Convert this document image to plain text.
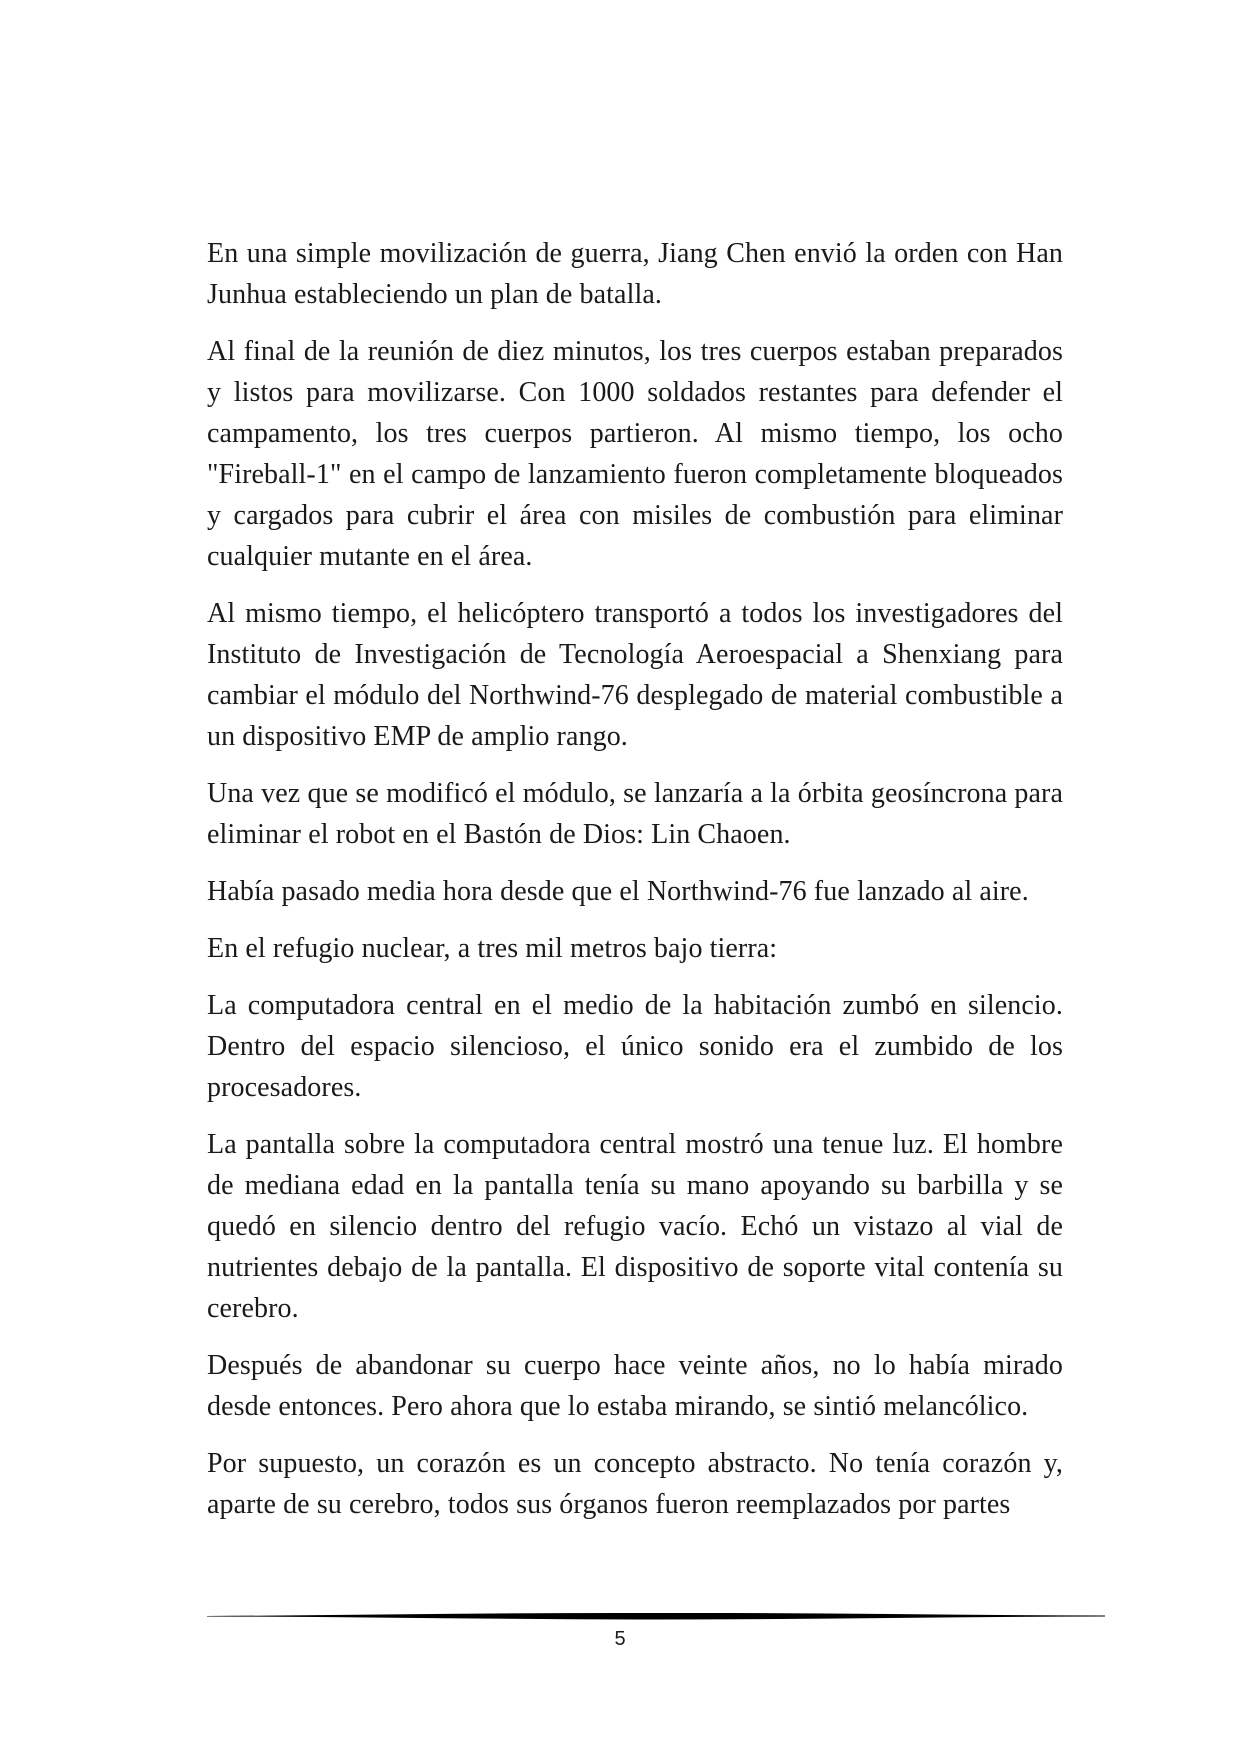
En una simple movilización de guerra, Jiang Chen envió la orden con Han Junhua estableciendo un plan de batalla.

Al final de la reunión de diez minutos, los tres cuerpos estaban preparados y listos para movilizarse. Con 1000 soldados restantes para defender el campamento, los tres cuerpos partieron. Al mismo tiempo, los ocho "Fireball-1" en el campo de lanzamiento fueron completamente bloqueados y cargados para cubrir el área con misiles de combustión para eliminar cualquier mutante en el área.

Al mismo tiempo, el helicóptero transportó a todos los investigadores del Instituto de Investigación de Tecnología Aeroespacial a Shenxiang para cambiar el módulo del Northwind-76 desplegado de material combustible a un dispositivo EMP de amplio rango.

Una vez que se modificó el módulo, se lanzaría a la órbita geosíncrona para eliminar el robot en el Bastón de Dios: Lin Chaoen.

Había pasado media hora desde que el Northwind-76 fue lanzado al aire.

En el refugio nuclear, a tres mil metros bajo tierra:

La computadora central en el medio de la habitación zumbó en silencio. Dentro del espacio silencioso, el único sonido era el zumbido de los procesadores.

La pantalla sobre la computadora central mostró una tenue luz. El hombre de mediana edad en la pantalla tenía su mano apoyando su barbilla y se quedó en silencio dentro del refugio vacío. Echó un vistazo al vial de nutrientes debajo de la pantalla. El dispositivo de soporte vital contenía su cerebro.

Después de abandonar su cuerpo hace veinte años, no lo había mirado desde entonces. Pero ahora que lo estaba mirando, se sintió melancólico.

Por supuesto, un corazón es un concepto abstracto. No tenía corazón y, aparte de su cerebro, todos sus órganos fueron reemplazados por partes

5
